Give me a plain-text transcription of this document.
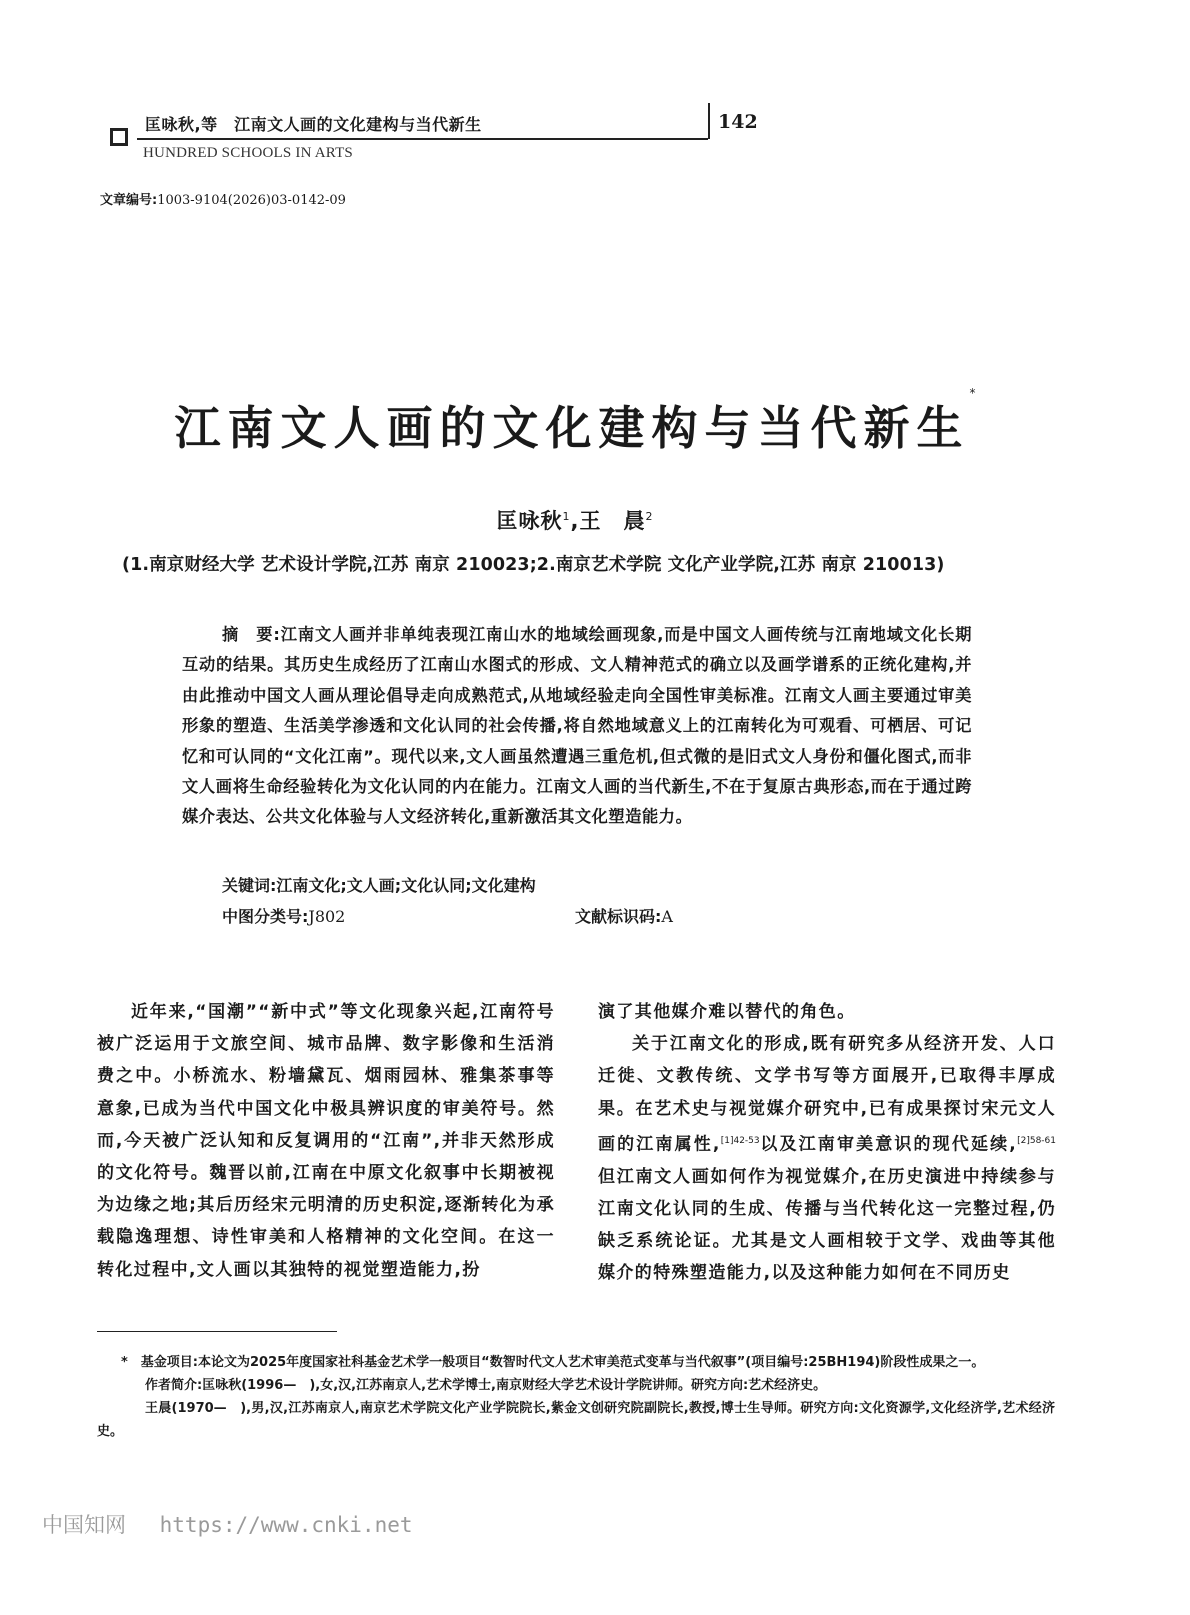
匡咏秋,等　江南文人画的文化建构与当代新生	142
HUNDRED SCHOOLS IN ARTS
文章编号:1003-9104(2026)03-0142-09
江南文人画的文化建构与当代新生*
匡咏秋$^1$,王　晨$^2$
(1.南京财经大学 艺术设计学院,江苏 南京 210023;2.南京艺术学院 文化产业学院,江苏 南京 210013)
摘　要:江南文人画并非单纯表现江南山水的地域绘画现象,而是中国文人画传统与江南地域文化长期互动的结果。其历史生成经历了江南山水图式的形成、文人精神范式的确立以及画学谱系的正统化建构,并由此推动中国文人画从理论倡导走向成熟范式,从地域经验走向全国性审美标准。江南文人画主要通过审美形象的塑造、生活美学渗透和文化认同的社会传播,将自然地域意义上的江南转化为可观看、可栖居、可记忆和可认同的“文化江南”。现代以来,文人画虽然遭遇三重危机,但式微的是旧式文人身份和僵化图式,而非文人画将生命经验转化为文化认同的内在能力。江南文人画的当代新生,不在于复原古典形态,而在于通过跨媒介表达、公共文化体验与人文经济转化,重新激活其文化塑造能力。
关键词:江南文化;文人画;文化认同;文化建构
中图分类号:J802	文献标识码:A

近年来,“国潮”“新中式”等文化现象兴起,江南符号被广泛运用于文旅空间、城市品牌、数字影像和生活消费之中。小桥流水、粉墙黛瓦、烟雨园林、雅集茶事等意象,已成为当代中国文化中极具辨识度的审美符号。然而,今天被广泛认知和反复调用的“江南”,并非天然形成的文化符号。魏晋以前,江南在中原文化叙事中长期被视为边缘之地;其后历经宋元明清的历史积淀,逐渐转化为承载隐逸理想、诗性审美和人格精神的文化空间。在这一转化过程中,文人画以其独特的视觉塑造能力,扮

演了其他媒介难以替代的角色。

关于江南文化的形成,既有研究多从经济开发、人口迁徙、文教传统、文学书写等方面展开,已取得丰厚成果。在艺术史与视觉媒介研究中,已有成果探讨宋元文人画的江南属性,$^{[1]42-53}$以及江南审美意识的现代延续,$^{[2]58-61}$但江南文人画如何作为视觉媒介,在历史演进中持续参与江南文化认同的生成、传播与当代转化这一完整过程,仍缺乏系统论证。尤其是文人画相较于文学、戏曲等其他媒介的特殊塑造能力,以及这种能力如何在不同历史

*　基金项目:本论文为2025年度国家社科基金艺术学一般项目“数智时代文人艺术审美范式变革与当代叙事”(项目编号:25BH194)阶段性成果之一。

作者简介:匡咏秋(1996—　),女,汉,江苏南京人,艺术学博士,南京财经大学艺术设计学院讲师。研究方向:艺术经济史。

王晨(1970—　),男,汉,江苏南京人,南京艺术学院文化产业学院院长,紫金文创研究院副院长,教授,博士生导师。研究方向:文化资源学,文化经济学,艺术经济史。

中国知网　 https://www.cnki.net
